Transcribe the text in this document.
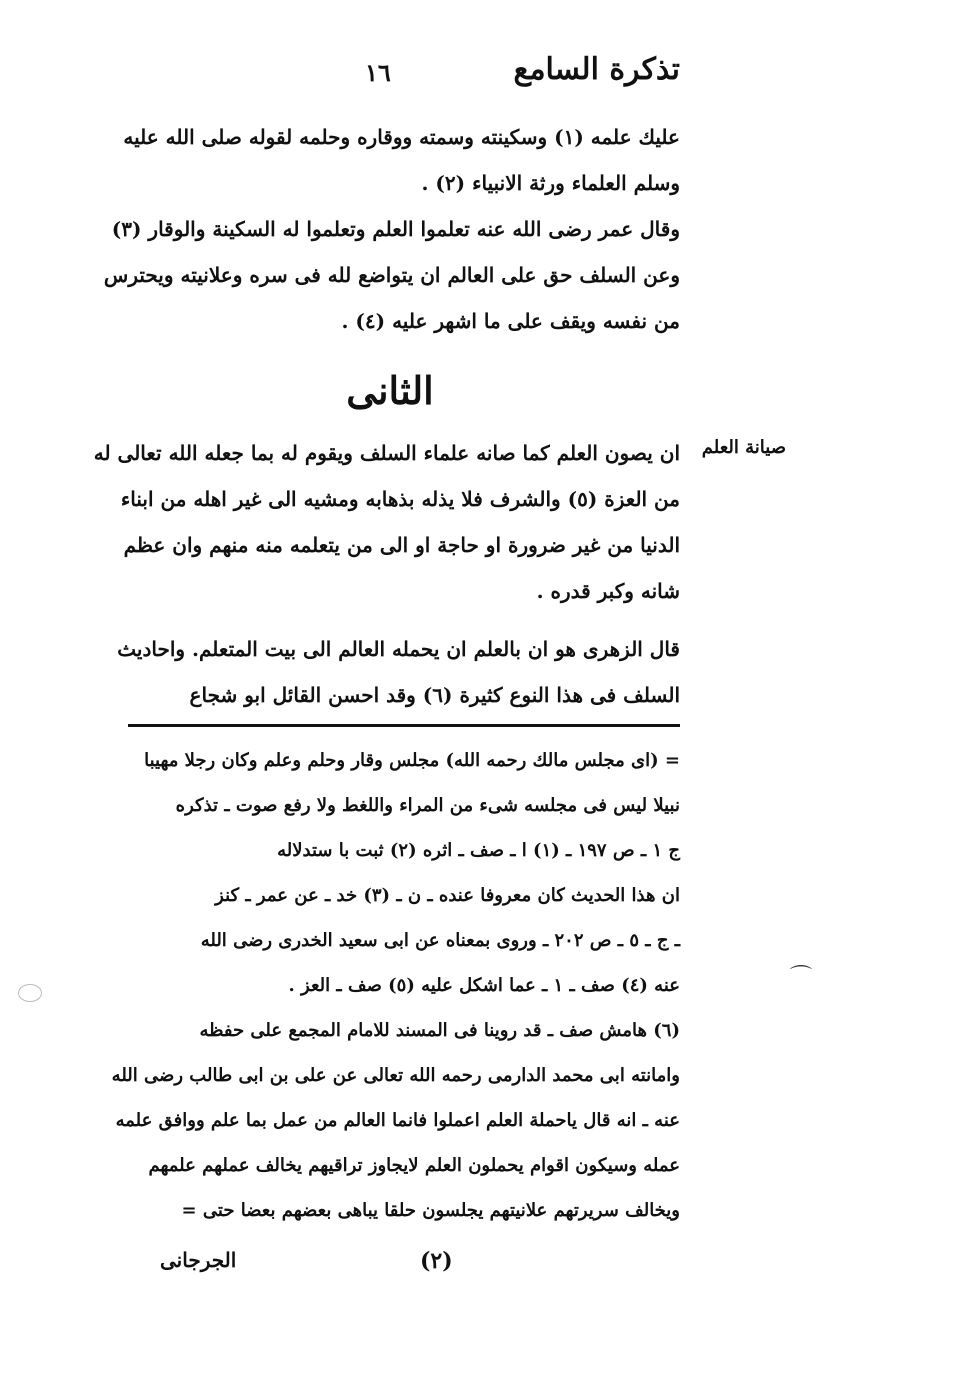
تذكرة السامع
١٦
عليك علمه (١) وسكينته وسمته ووقاره وحلمه لقوله صلى الله عليه
وسلم العلماء ورثة الانبياء (٢) .
وقال عمر رضى الله عنه تعلموا العلم وتعلموا له السكينة والوقار (٣)
وعن السلف حق على العالم ان يتواضع لله فى سره وعلانيته ويحترس
من نفسه ويقف على ما اشهر عليه (٤) .
الثانى
صيانة العلم
ان يصون العلم كما صانه علماء السلف ويقوم له بما جعله الله تعالى له
من العزة (٥) والشرف فلا يذله بذهابه ومشيه الى غير اهله من ابناء
الدنيا من غير ضرورة او حاجة او الى من يتعلمه منه منهم وان عظم
شانه وكبر قدره .
قال الزهرى هو ان بالعلم ان يحمله العالم الى بيت المتعلم. واحاديث
السلف فى هذا النوع كثيرة (٦) وقد احسن القائل ابو شجاع
= (اى مجلس مالك رحمه الله) مجلس وقار وحلم وعلم وكان رجلا مهيبا
نبيلا ليس فى مجلسه شىء من المراء واللغط ولا رفع صوت ـ تذكره
ج ١ ـ ص ١٩٧ ـ (١) ا ـ صف ـ اثره (٢) ثبت با ستدلاله
ان هذا الحديث كان معروفا عنده ـ ن ـ (٣) خد ـ عن عمر ـ كنز
ـ ج ـ ٥ ـ ص ٢٠٢ ـ وروى بمعناه عن ابى سعيد الخدرى رضى الله
عنه (٤) صف ـ ١ ـ عما اشكل عليه (٥) صف ـ العز .
(٦) هامش صف ـ قد روينا فى المسند للامام المجمع على حفظه
وامانته ابى محمد الدارمى رحمه الله تعالى عن على بن ابى طالب رضى الله
عنه ـ انه قال ياحملة العلم اعملوا فانما العالم من عمل بما علم ووافق علمه
عمله وسيكون اقوام يحملون العلم لايجاوز تراقيهم يخالف عملهم علمهم
ويخالف سريرتهم علانيتهم يجلسون حلقا يباهى بعضهم بعضا حتى =
(٢)
الجرجانى
⌒
